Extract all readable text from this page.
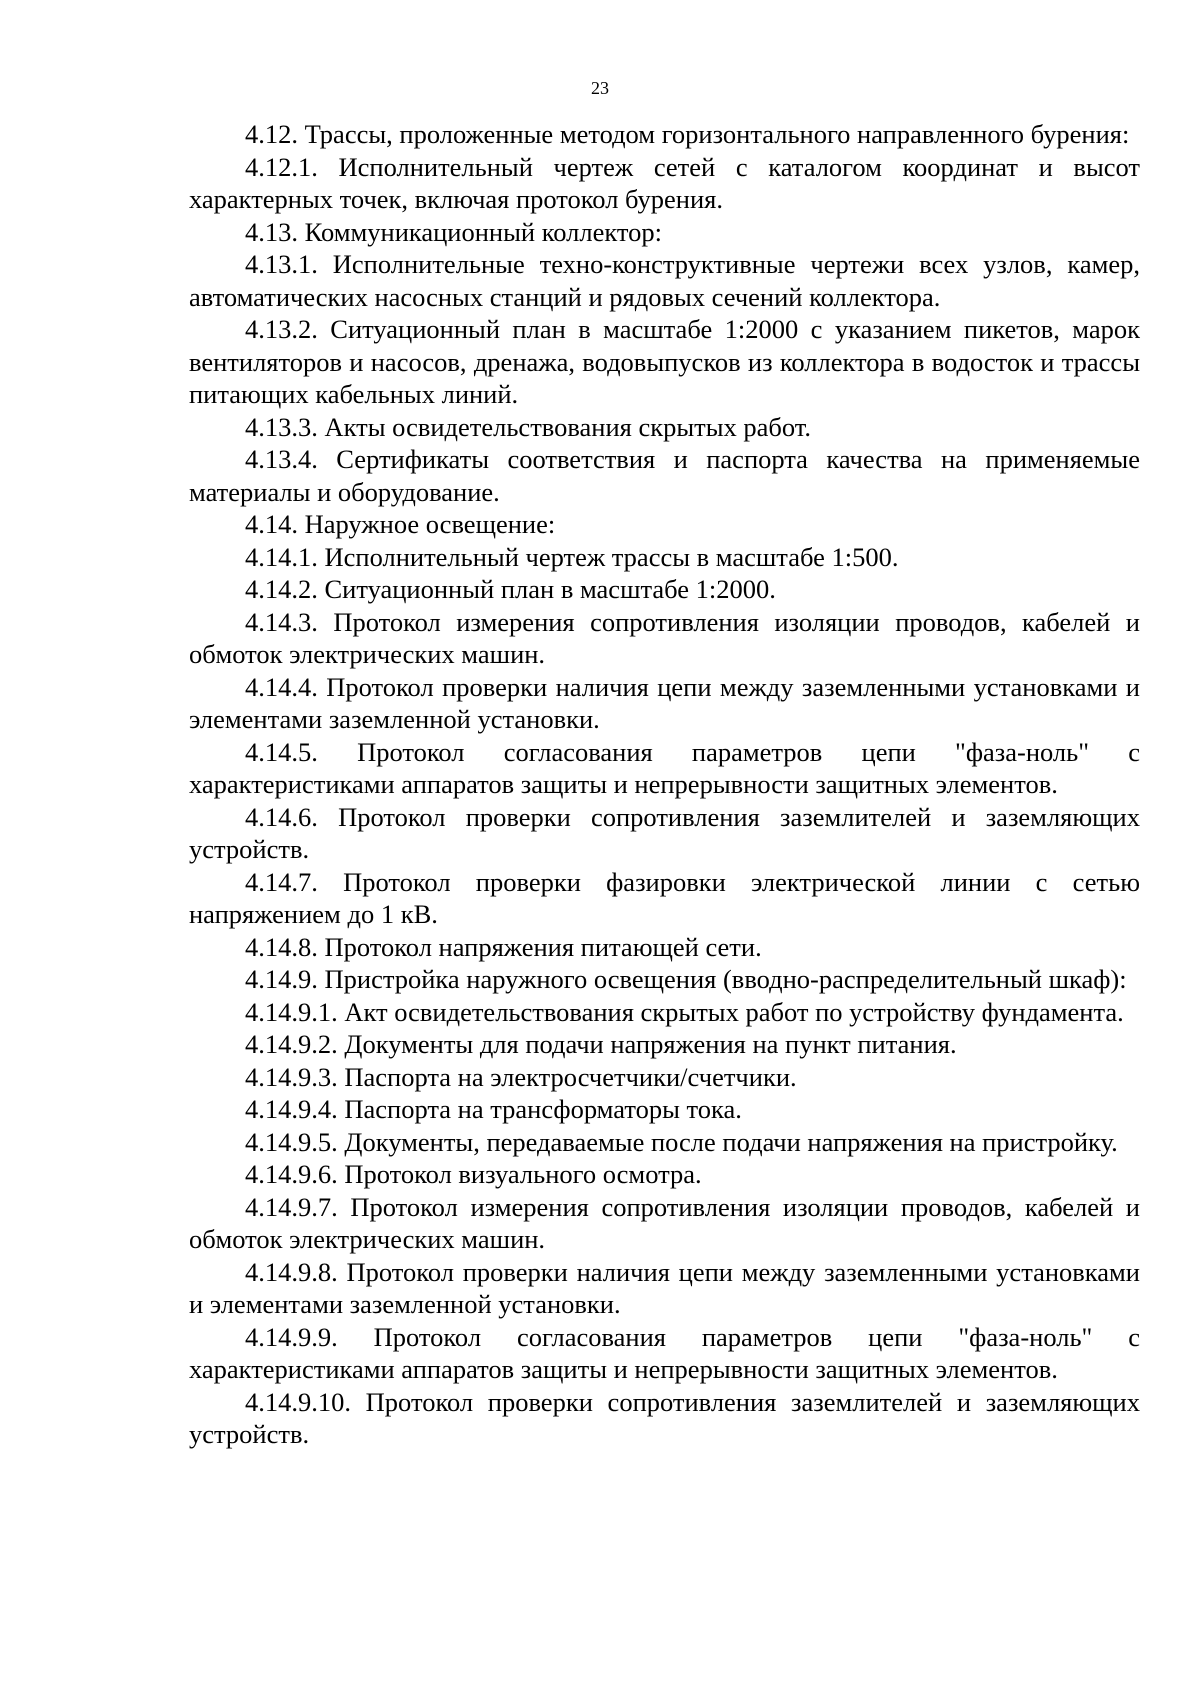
23

4.12. Трассы, проложенные методом горизонтального направленного бурения:

4.12.1. Исполнительный чертеж сетей с каталогом координат и высот характерных точек, включая протокол бурения.

4.13. Коммуникационный коллектор:

4.13.1. Исполнительные техно-конструктивные чертежи всех узлов, камер, автоматических насосных станций и рядовых сечений коллектора.

4.13.2. Ситуационный план в масштабе 1:2000 с указанием пикетов, марок вентиляторов и насосов, дренажа, водовыпусков из коллектора в водосток и трассы питающих кабельных линий.

4.13.3. Акты освидетельствования скрытых работ.

4.13.4. Сертификаты соответствия и паспорта качества на применяемые материалы и оборудование.

4.14. Наружное освещение:

4.14.1. Исполнительный чертеж трассы в масштабе 1:500.

4.14.2. Ситуационный план в масштабе 1:2000.

4.14.3. Протокол измерения сопротивления изоляции проводов, кабелей и обмоток электрических машин.

4.14.4. Протокол проверки наличия цепи между заземленными установками и элементами заземленной установки.

4.14.5. Протокол согласования параметров цепи "фаза-ноль" с характеристиками аппаратов защиты и непрерывности защитных элементов.

4.14.6. Протокол проверки сопротивления заземлителей и заземляющих устройств.

4.14.7. Протокол проверки фазировки электрической линии с сетью напряжением до 1 кВ.

4.14.8. Протокол напряжения питающей сети.

4.14.9. Пристройка наружного освещения (вводно-распределительный шкаф):

4.14.9.1. Акт освидетельствования скрытых работ по устройству фундамента.

4.14.9.2. Документы для подачи напряжения на пункт питания.

4.14.9.3. Паспорта на электросчетчики/счетчики.

4.14.9.4. Паспорта на трансформаторы тока.

4.14.9.5. Документы, передаваемые после подачи напряжения на пристройку.

4.14.9.6. Протокол визуального осмотра.

4.14.9.7. Протокол измерения сопротивления изоляции проводов, кабелей и обмоток электрических машин.

4.14.9.8. Протокол проверки наличия цепи между заземленными установками и элементами заземленной установки.

4.14.9.9. Протокол согласования параметров цепи "фаза-ноль" с характеристиками аппаратов защиты и непрерывности защитных элементов.

4.14.9.10. Протокол проверки сопротивления заземлителей и заземляющих устройств.
